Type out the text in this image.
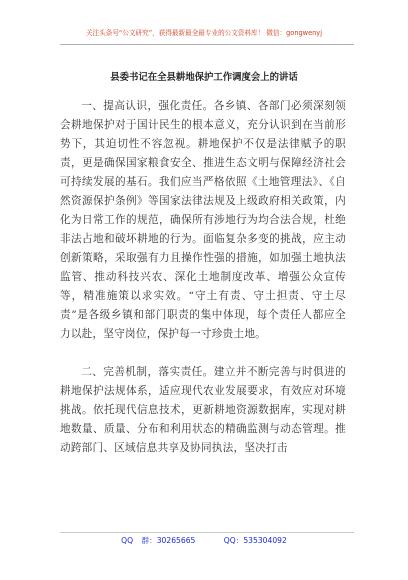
关注头条号“公文研究”，获得最新最全最专业的公文资料库！ 微信：gongwenyj
县委书记在全县耕地保护工作调度会上的讲话

一、提高认识，强化责任。各乡镇、各部门必须深刻领会耕地保护对于国计民生的根本意义，充分认识到在当前形势下，其迫切性不容忽视。耕地保护不仅是法律赋予的职责，更是确保国家粮食安全、推进生态文明与保障经济社会可持续发展的基石。我们应当严格依照《土地管理法》、《自然资源保护条例》等国家法律法规及上级政府相关政策，内化为日常工作的规范，确保所有涉地行为均合法合规，杜绝非法占地和破坏耕地的行为。面临复杂多变的挑战，应主动创新策略，采取强有力且操作性强的措施，如加强土地执法监管、推动科技兴农、深化土地制度改革、增强公众宣传等，精准施策以求实效。“守土有责、守土担责、守土尽责”是各级乡镇和部门职责的集中体现，每个责任人都应全力以赴，坚守岗位，保护每一寸珍贵土地。

二、完善机制，落实责任。建立并不断完善与时俱进的耕地保护法规体系，适应现代农业发展要求，有效应对环境挑战。依托现代信息技术，更新耕地资源数据库，实现对耕地数量、质量、分布和利用状态的精确监测与动态管理。推动跨部门、区域信息共享及协同执法，坚决打击

QQ 群：30265665	QQ：535304092
